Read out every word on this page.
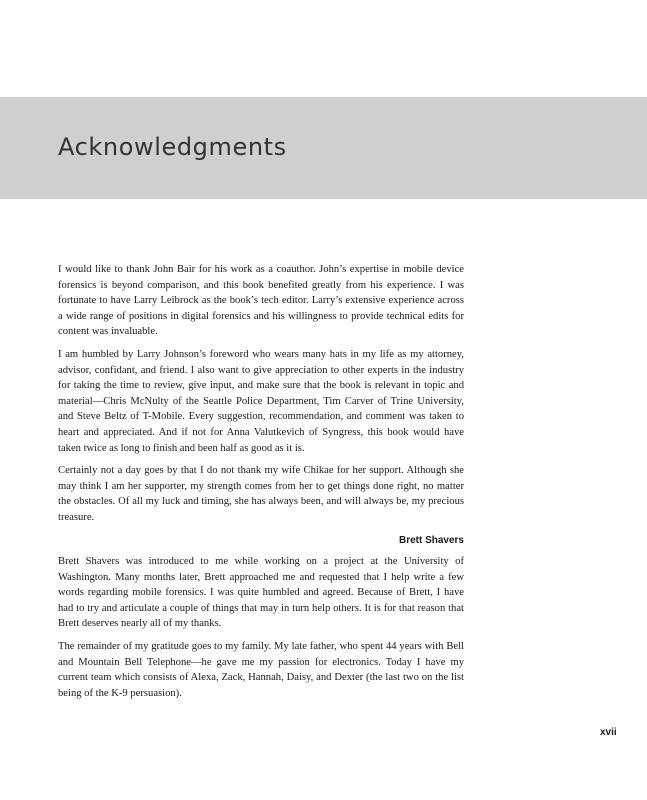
Acknowledgments

I would like to thank John Bair for his work as a coauthor. John’s expertise in mobile device forensics is beyond comparison, and this book benefited greatly from his experience. I was fortunate to have Larry Leibrock as the book’s tech editor. Larry’s extensive experience across a wide range of positions in digital forensics and his willingness to provide technical edits for content was invaluable.

I am humbled by Larry Johnson’s foreword who wears many hats in my life as my attorney, advisor, confidant, and friend. I also want to give appreciation to other experts in the industry for taking the time to review, give input, and make sure that the book is relevant in topic and material—Chris McNulty of the Seattle Police Department, Tim Carver of Trine University, and Steve Beltz of T-Mobile. Every suggestion, recommendation, and comment was taken to heart and appreciated. And if not for Anna Valutkevich of Syngress, this book would have taken twice as long to finish and been half as good as it is.

Certainly not a day goes by that I do not thank my wife Chikae for her support. Although she may think I am her supporter, my strength comes from her to get things done right, no matter the obstacles. Of all my luck and timing, she has always been, and will always be, my precious treasure.

Brett Shavers

Brett Shavers was introduced to me while working on a project at the University of Washington. Many months later, Brett approached me and requested that I help write a few words regarding mobile forensics. I was quite humbled and agreed. Because of Brett, I have had to try and articulate a couple of things that may in turn help others. It is for that reason that Brett deserves nearly all of my thanks.

The remainder of my gratitude goes to my family. My late father, who spent 44 years with Bell and Mountain Bell Telephone—he gave me my passion for electronics. Today I have my current team which consists of Alexa, Zack, Hannah, Daisy, and Dexter (the last two on the list being of the K-9 persuasion).

xvii
